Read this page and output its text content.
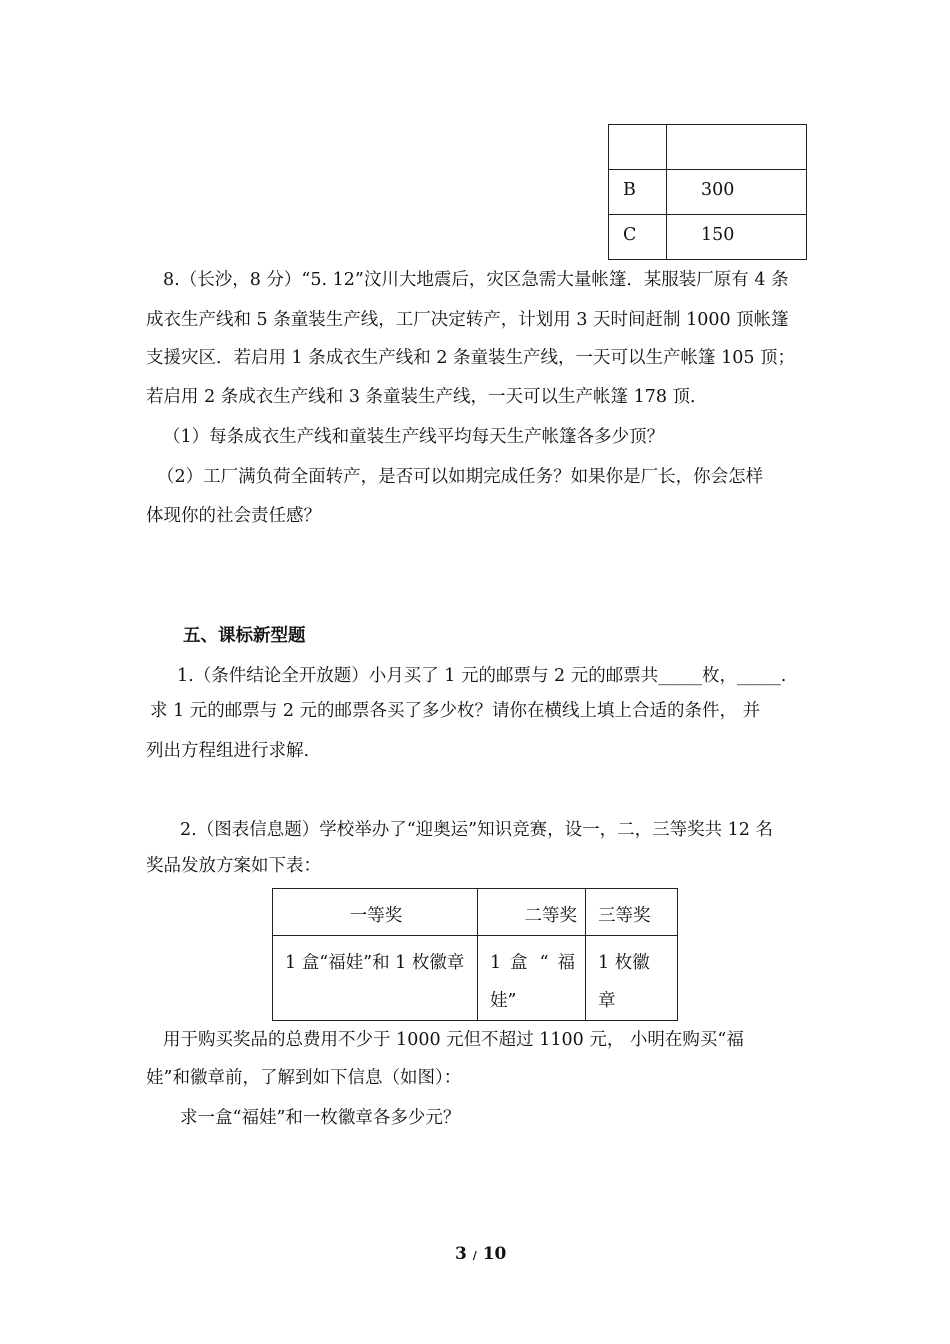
B	300
C	150
8.（长沙，8 分）“5. 12”汶川大地震后，灾区急需大量帐篷．某服装厂原有 4 条
成衣生产线和 5 条童装生产线，工厂决定转产，计划用 3 天时间赶制 1000 顶帐篷
支援灾区．若启用 1 条成衣生产线和 2 条童装生产线，一天可以生产帐篷 105 顶；
若启用 2 条成衣生产线和 3 条童装生产线，一天可以生产帐篷 178 顶．
（1）每条成衣生产线和童装生产线平均每天生产帐篷各多少顶？
（2）工厂满负荷全面转产，是否可以如期完成任务？如果你是厂长，你会怎样
体现你的社会责任感？
五、课标新型题
1.（条件结论全开放题）小月买了 1 元的邮票与 2 元的邮票共_____枚，_____.
求 1 元的邮票与 2 元的邮票各买了多少枚？请你在横线上填上合适的条件， 并
列出方程组进行求解.
2.（图表信息题）学校举办了“迎奥运”知识竞赛，设一，二，三等奖共 12 名
奖品发放方案如下表：
一等奖	二等奖	三等奖
1 盒“福娃”和 1 枚徽章	1 盒 “ 福娃”	1 枚徽章
用于购买奖品的总费用不少于 1000 元但不超过 1100 元， 小明在购买“福
娃”和徽章前，了解到如下信息（如图）：
求一盒“福娃”和一枚徽章各多少元？
3 / 10
